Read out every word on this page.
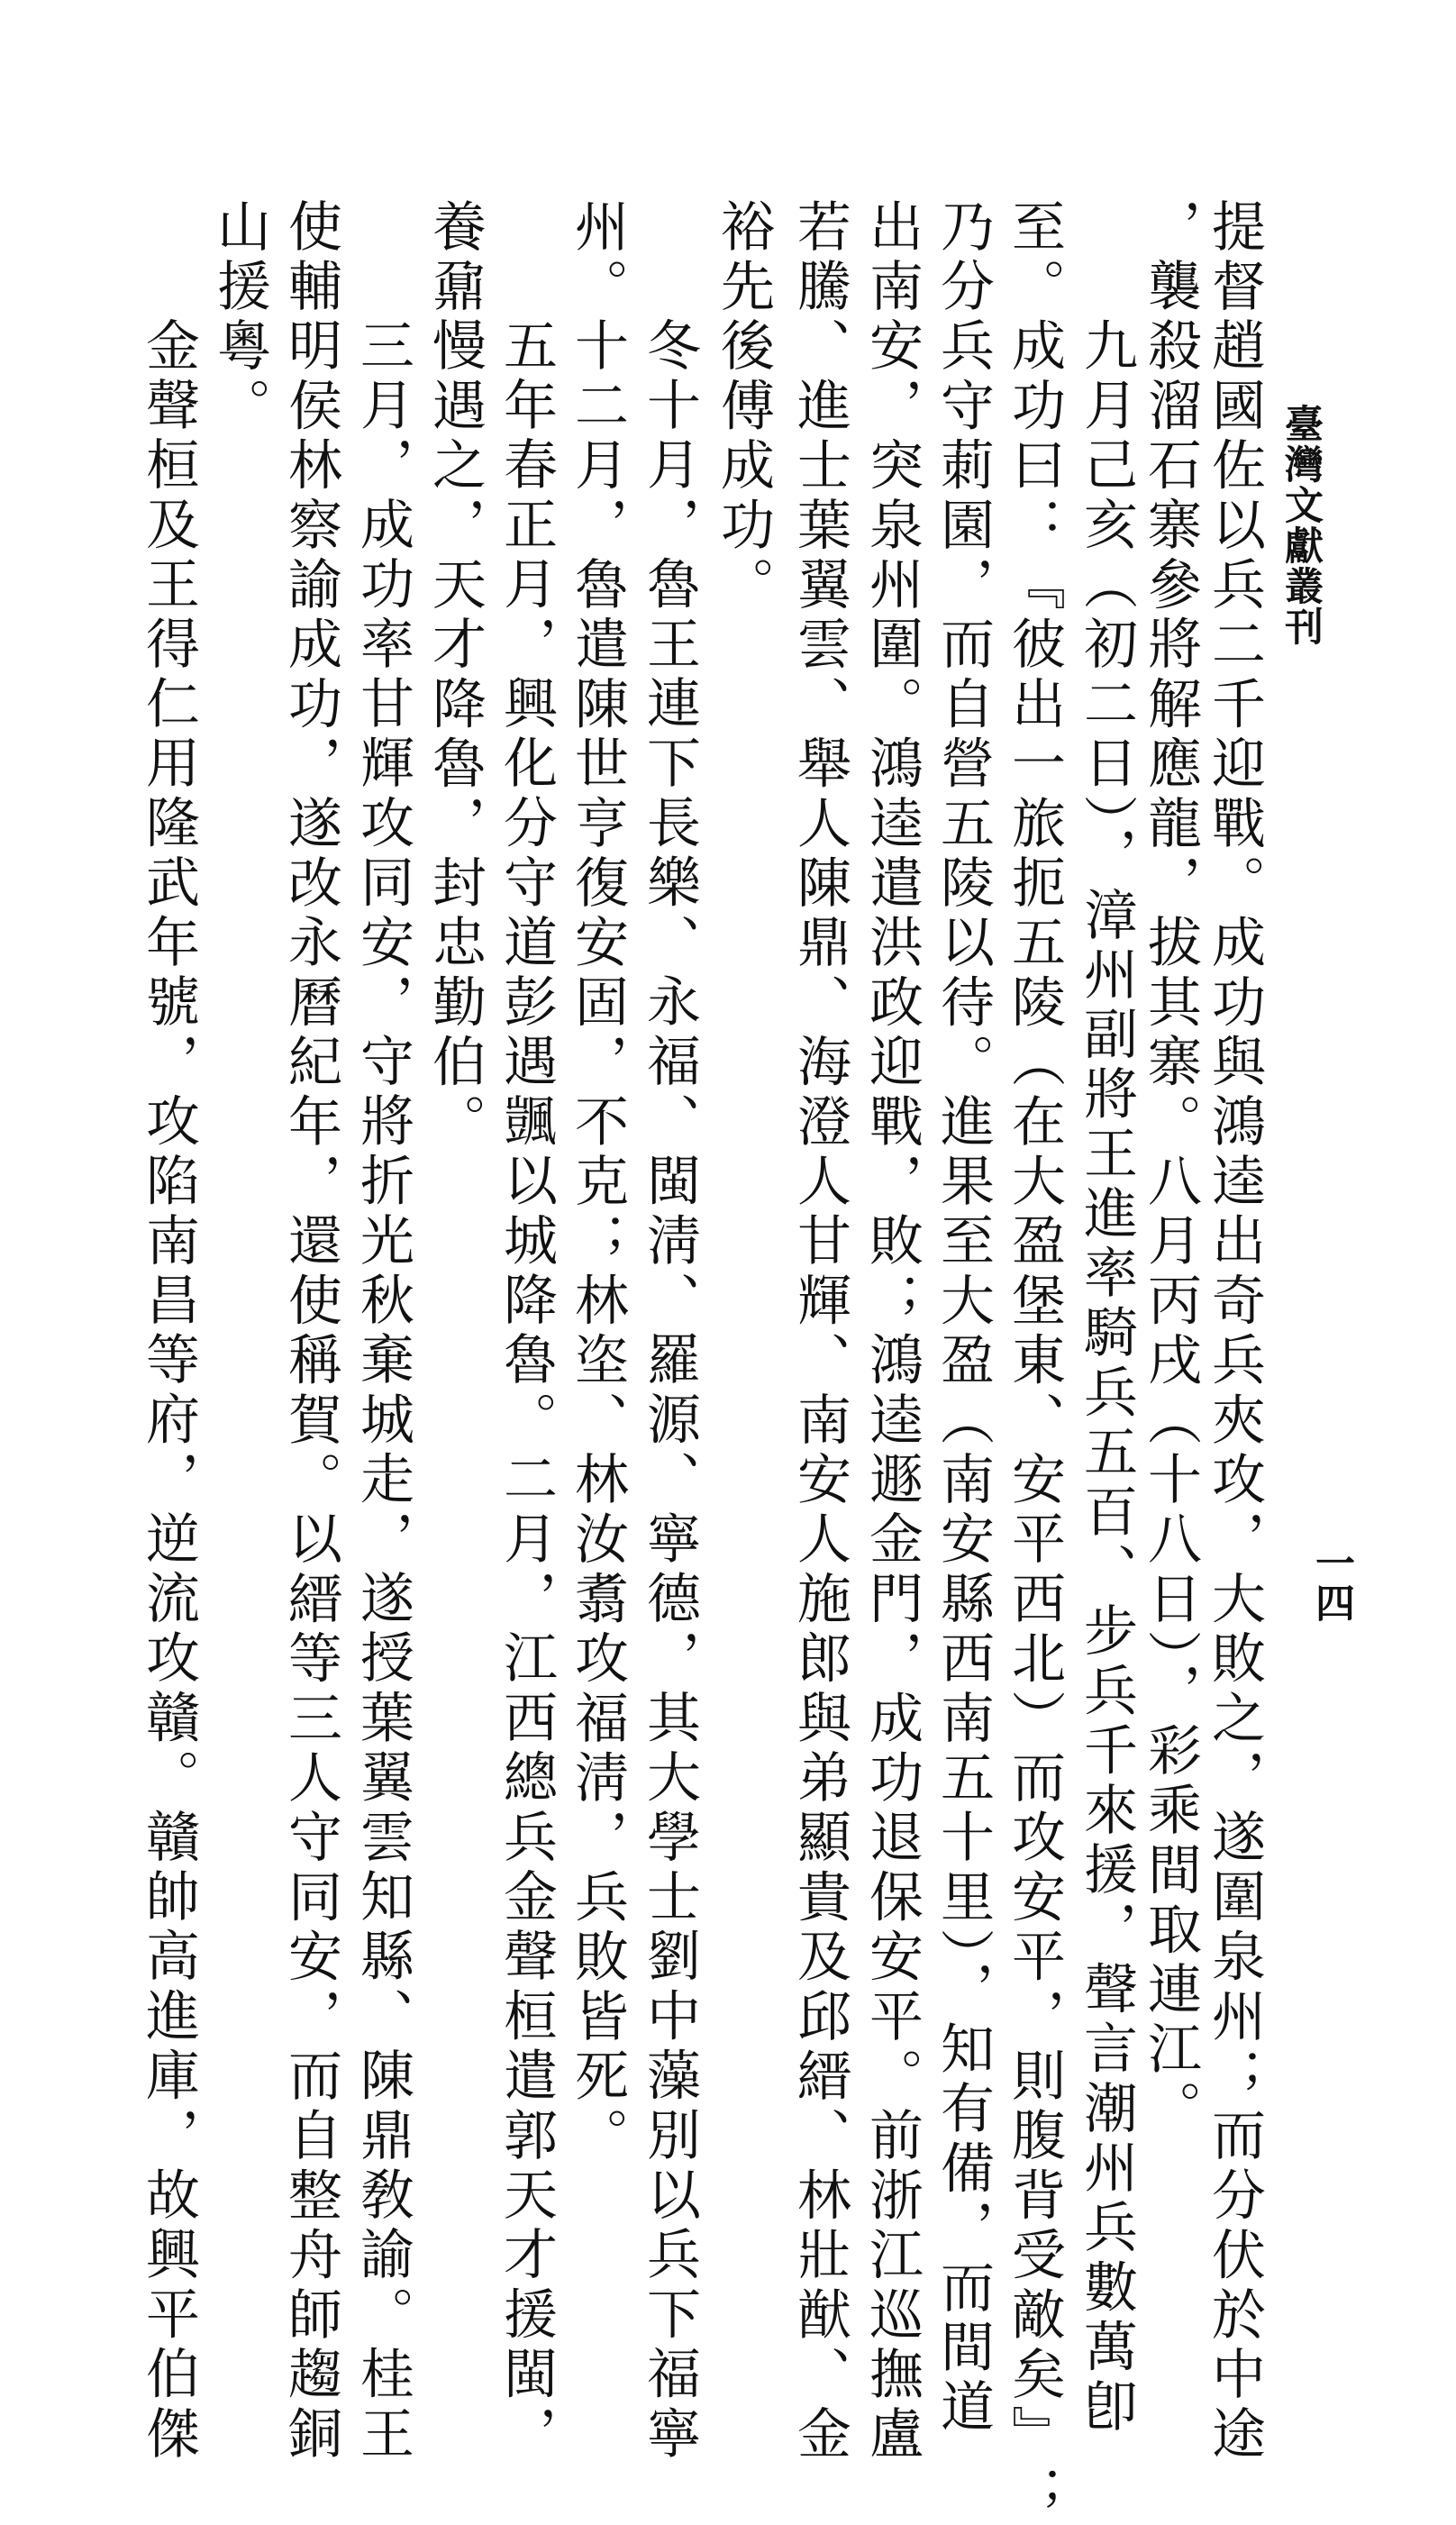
臺灣文獻叢刊
一四
提督趙國佐以兵二千迎戰。成功與鴻逵出奇兵夾攻，大敗之，遂圍泉州；而分伏於中途
，襲殺溜石寨參將解應龍，拔其寨。八月丙戌（十八日），彩乘間取連江。
九月己亥（初二日），漳州副將王進率騎兵五百、步兵千來援，聲言潮州兵數萬卽
至。成功曰：『彼出一旅扼五陵（在大盈堡東、安平西北）而攻安平，則腹背受敵矣』；
乃分兵守莿園，而自營五陵以待。進果至大盈（南安縣西南五十里），知有備，而間道
出南安，突泉州圍。鴻逵遣洪政迎戰，敗；鴻逵遯金門，成功退保安平。前浙江巡撫盧
若騰、進士葉翼雲、舉人陳鼎、海澄人甘輝、南安人施郎與弟顯貴及邱縉、林壯猷、金
裕先後傅成功。
冬十月，魯王連下長樂、永福、閩淸、羅源、寧德，其大學士劉中藻別以兵下福寧
州。十二月，魯遣陳世亨復安固，不克；林垐、林汝翥攻福淸，兵敗皆死。
五年春正月，興化分守道彭遇颽以城降魯。二月，江西總兵金聲桓遣郭天才援閩，
養鼐慢遇之，天才降魯，封忠勤伯。
三月，成功率甘輝攻同安，守將折光秋棄城走，遂授葉翼雲知縣、陳鼎敎諭。桂王
使輔明侯林察諭成功，遂改永曆紀年，還使稱賀。以縉等三人守同安，而自整舟師趨銅
山援粵。
金聲桓及王得仁用隆武年號，攻陷南昌等府，逆流攻贛。贛帥高進庫，故興平伯傑
